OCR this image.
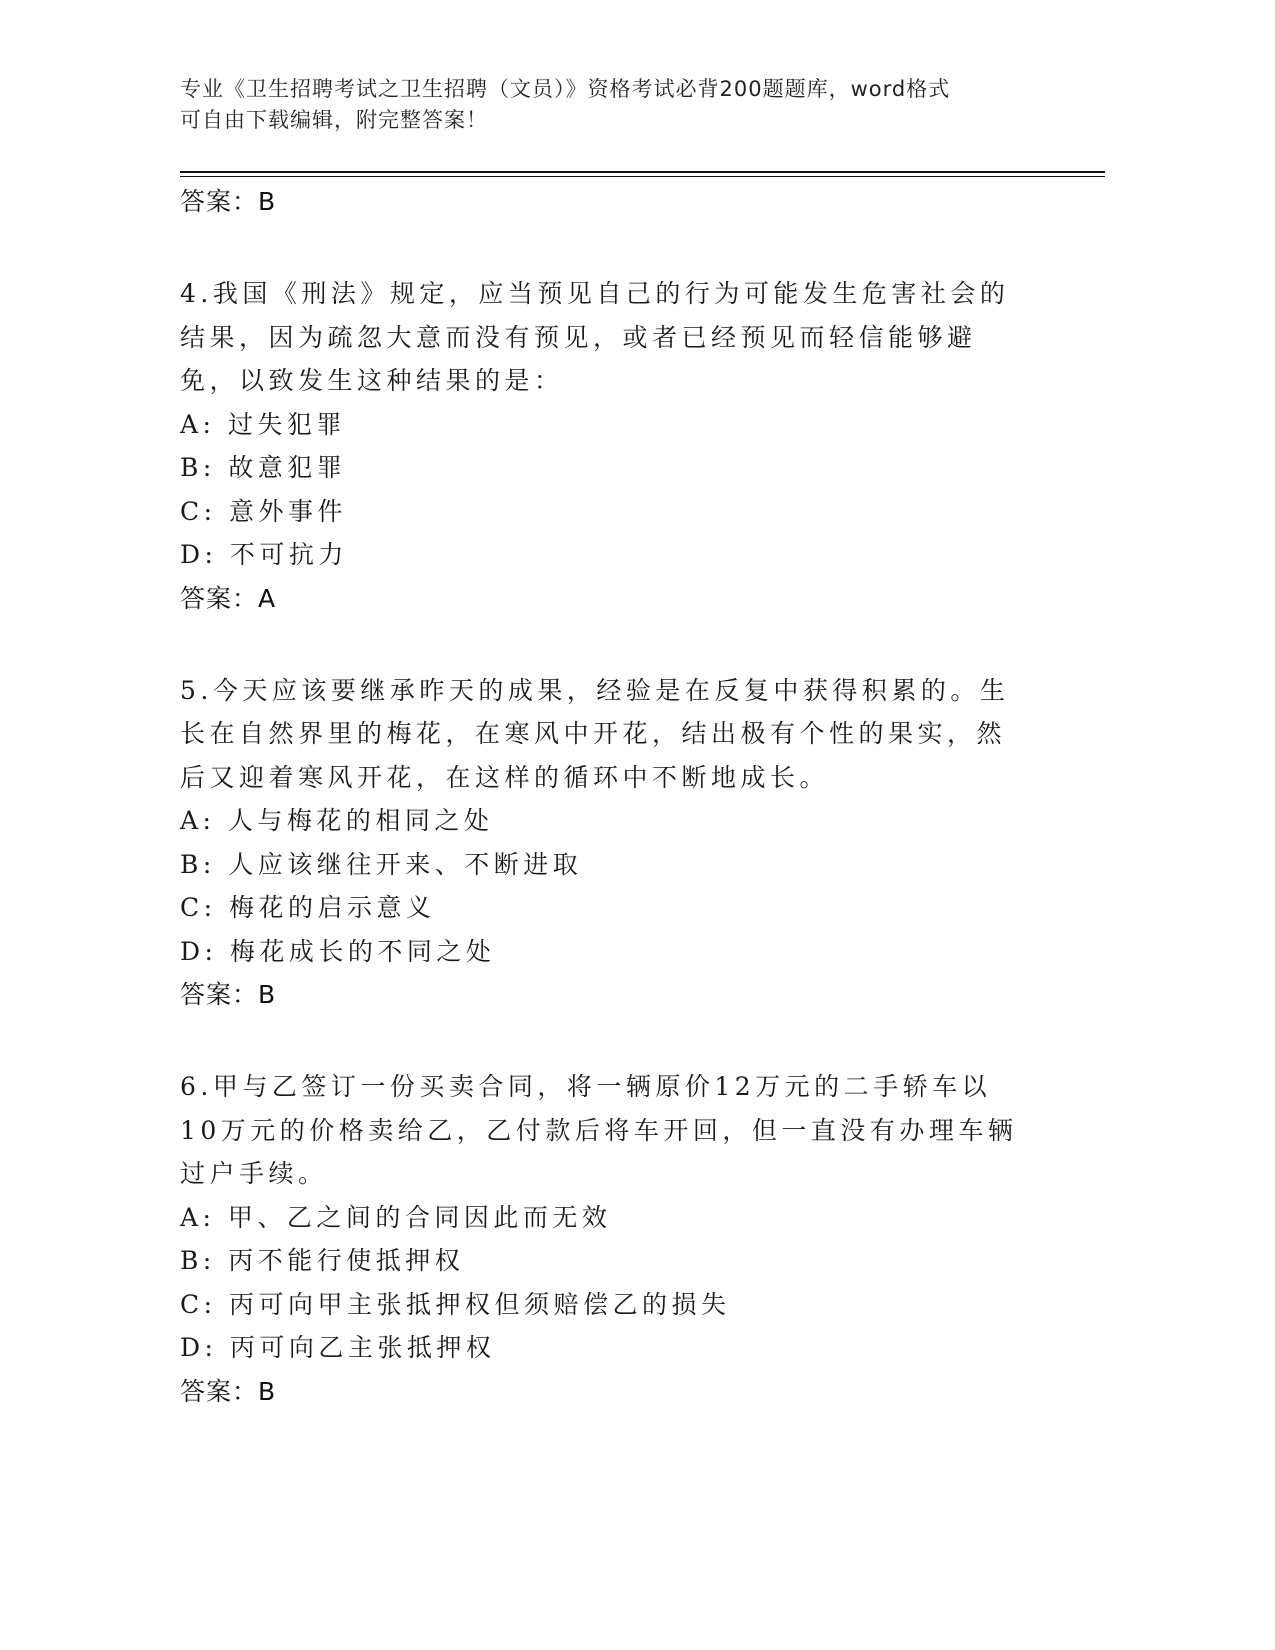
专业《卫生招聘考试之卫生招聘（文员）》资格考试必背200题题库，word格式
可自由下载编辑，附完整答案！

答案：B

4.我国《刑法》规定，应当预见自己的行为可能发生危害社会的结果，因为疏忽大意而没有预见，或者已经预见而轻信能够避免，以致发生这种结果的是：

A: 过失犯罪

B: 故意犯罪

C: 意外事件

D: 不可抗力

答案：A

5.今天应该要继承昨天的成果，经验是在反复中获得积累的。生长在自然界里的梅花，在寒风中开花，结出极有个性的果实，然后又迎着寒风开花，在这样的循环中不断地成长。

A: 人与梅花的相同之处

B: 人应该继往开来、不断进取

C: 梅花的启示意义

D: 梅花成长的不同之处

答案：B

6.甲与乙签订一份买卖合同，将一辆原价12万元的二手轿车以10万元的价格卖给乙，乙付款后将车开回，但一直没有办理车辆过户手续。

A: 甲、乙之间的合同因此而无效

B: 丙不能行使抵押权

C: 丙可向甲主张抵押权但须赔偿乙的损失

D: 丙可向乙主张抵押权

答案：B
